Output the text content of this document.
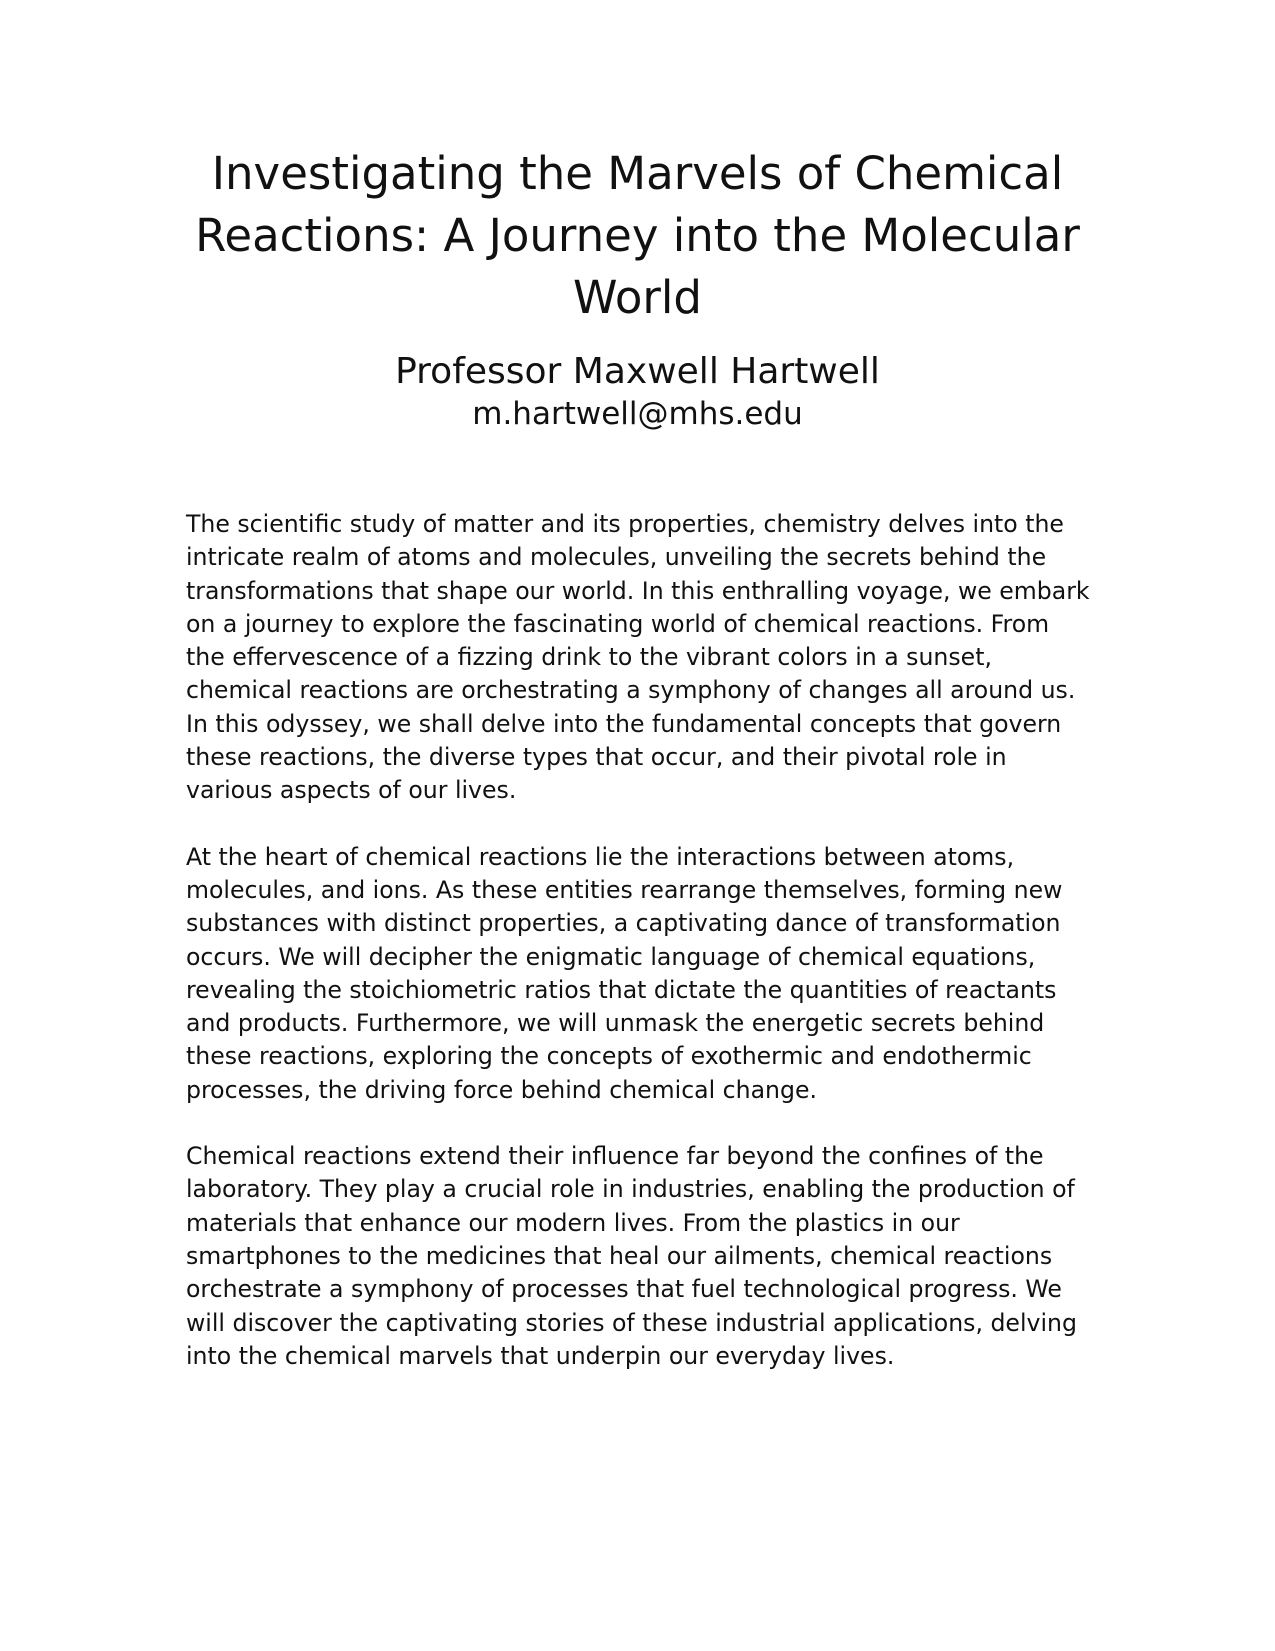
Investigating the Marvels of Chemical Reactions: A Journey into the Molecular World
Professor Maxwell Hartwell
m.hartwell@mhs.edu

The scientific study of matter and its properties, chemistry delves into the intricate realm of atoms and molecules, unveiling the secrets behind the transformations that shape our world. In this enthralling voyage, we embark on a journey to explore the fascinating world of chemical reactions. From the effervescence of a fizzing drink to the vibrant colors in a sunset, chemical reactions are orchestrating a symphony of changes all around us. In this odyssey, we shall delve into the fundamental concepts that govern these reactions, the diverse types that occur, and their pivotal role in various aspects of our lives.

At the heart of chemical reactions lie the interactions between atoms, molecules, and ions. As these entities rearrange themselves, forming new substances with distinct properties, a captivating dance of transformation occurs. We will decipher the enigmatic language of chemical equations, revealing the stoichiometric ratios that dictate the quantities of reactants and products. Furthermore, we will unmask the energetic secrets behind these reactions, exploring the concepts of exothermic and endothermic processes, the driving force behind chemical change.

Chemical reactions extend their influence far beyond the confines of the laboratory. They play a crucial role in industries, enabling the production of materials that enhance our modern lives. From the plastics in our smartphones to the medicines that heal our ailments, chemical reactions orchestrate a symphony of processes that fuel technological progress. We will discover the captivating stories of these industrial applications, delving into the chemical marvels that underpin our everyday lives.
